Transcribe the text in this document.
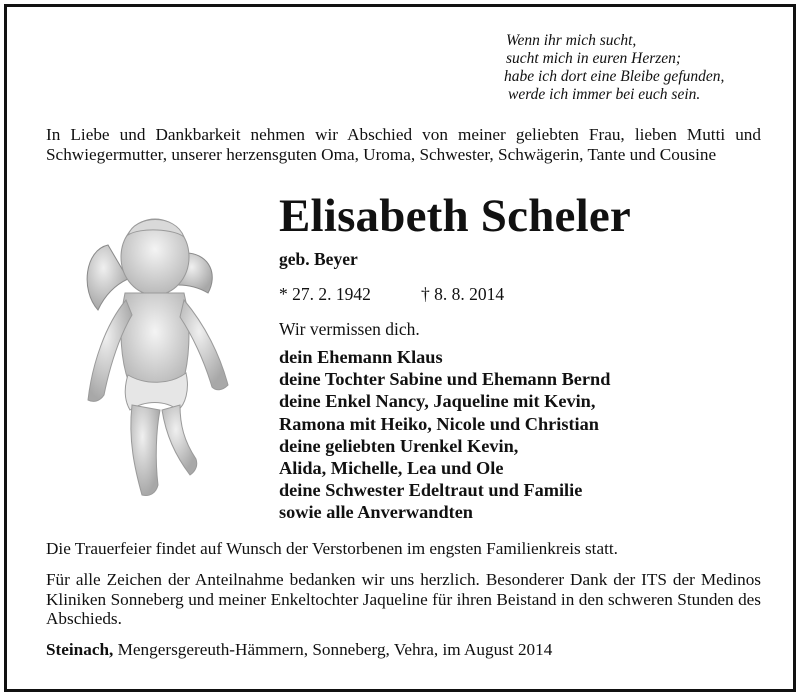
Wenn ihr mich sucht,
sucht mich in euren Herzen;
habe ich dort eine Bleibe gefunden,
werde ich immer bei euch sein.

In Liebe und Dankbarkeit nehmen wir Abschied von meiner geliebten Frau, lieben Mutti und Schwiegermutter, unserer herzensguten Oma, Uroma, Schwester, Schwägerin, Tante und Cousine

Elisabeth Scheler
geb. Beyer
* 27. 2. 1942	† 8. 8. 2014
Wir vermissen dich.
dein Ehemann Klaus
deine Tochter Sabine und Ehemann Bernd
deine Enkel Nancy, Jaqueline mit Kevin,
Ramona mit Heiko, Nicole und Christian
deine geliebten Urenkel Kevin,
Alida, Michelle, Lea und Ole
deine Schwester Edeltraut und Familie
sowie alle Anverwandten
Die Trauerfeier findet auf Wunsch der Verstorbenen im engsten Familienkreis statt.
Für alle Zeichen der Anteilnahme bedanken wir uns herzlich. Besonderer Dank der ITS der Medinos Kliniken Sonneberg und meiner Enkeltochter Jaqueline für ihren Beistand in den schweren Stunden des Abschieds.
Steinach, Mengersgereuth-Hämmern, Sonneberg, Vehra, im August 2014
